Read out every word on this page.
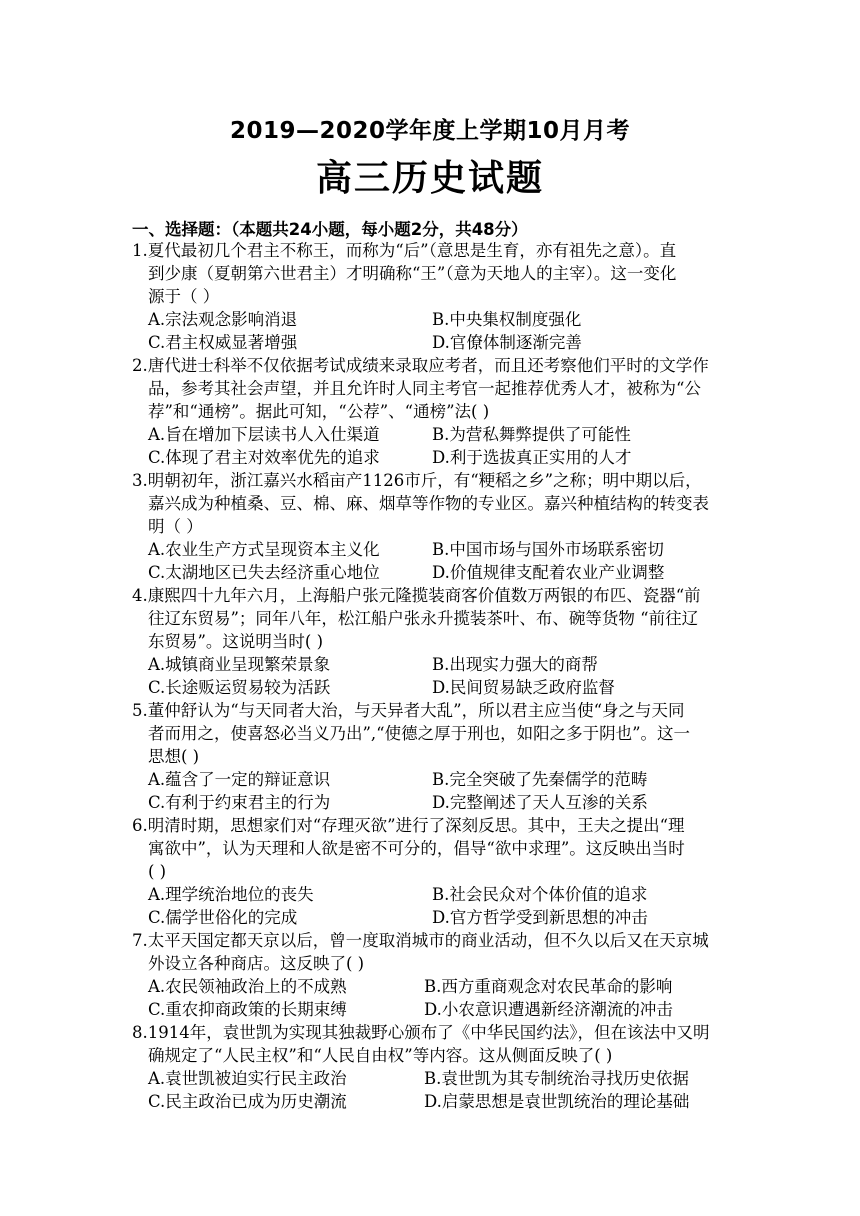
2019—2020学年度上学期10月月考
高三历史试题
一、选择题：（本题共24小题，每小题2分，共48分）
1.夏代最初几个君主不称王，而称为“后”（意思是生育，亦有祖先之意）。直
到少康（夏朝第六世君主）才明确称“王”（意为天地人的主宰）。这一变化
源于（ ）
A.宗法观念影响消退	B.中央集权制度强化
C.君主权威显著增强	D.官僚体制逐渐完善
2.唐代进士科举不仅依据考试成绩来录取应考者，而且还考察他们平时的文学作
品，参考其社会声望，并且允许时人同主考官一起推荐优秀人才，被称为“公
荐”和“通榜”。据此可知，“公荐”、“通榜”法( )
A.旨在增加下层读书人入仕渠道	B.为营私舞弊提供了可能性
C.体现了君主对效率优先的追求	D.利于选拔真正实用的人才
3.明朝初年，浙江嘉兴水稻亩产1126市斤，有“粳稻之乡”之称；明中期以后，
嘉兴成为种植桑、豆、棉、麻、烟草等作物的专业区。嘉兴种植结构的转变表
明（ ）
A.农业生产方式呈现资本主义化	B.中国市场与国外市场联系密切
C.太湖地区已失去经济重心地位	D.价值规律支配着农业产业调整
4.康熙四十九年六月，上海船户张元隆揽装商客价值数万两银的布匹、瓷器“前
往辽东贸易”；同年八年，松江船户张永升揽装茶叶、布、碗等货物 “前往辽
东贸易”。这说明当时( )
A.城镇商业呈现繁荣景象	B.出现实力强大的商帮
C.长途贩运贸易较为活跃	D.民间贸易缺乏政府监督
5.董仲舒认为“与天同者大治，与天异者大乱”，所以君主应当使“身之与天同
者而用之，使喜怒必当义乃出”,“使德之厚于刑也，如阳之多于阴也”。这一
思想( )
A.蕴含了一定的辩证意识	B.完全突破了先秦儒学的范畴
C.有利于约束君主的行为	D.完整阐述了天人互渗的关系
6.明清时期，思想家们对“存理灭欲”进行了深刻反思。其中，王夫之提出“理
寓欲中”，认为天理和人欲是密不可分的，倡导“欲中求理”。这反映出当时
( )
A.理学统治地位的丧失	B.社会民众对个体价值的追求
C.儒学世俗化的完成	D.官方哲学受到新思想的冲击
7.太平天国定都天京以后，曾一度取消城市的商业活动，但不久以后又在天京城
外设立各种商店。这反映了( )
A.农民领袖政治上的不成熟	B.西方重商观念对农民革命的影响
C.重农抑商政策的长期束缚	D.小农意识遭遇新经济潮流的冲击
8.1914年，袁世凯为实现其独裁野心颁布了《中华民国约法》，但在该法中又明
确规定了“人民主权”和“人民自由权”等内容。这从侧面反映了( )
A.袁世凯被迫实行民主政治	B.袁世凯为其专制统治寻找历史依据
C.民主政治已成为历史潮流	D.启蒙思想是袁世凯统治的理论基础
